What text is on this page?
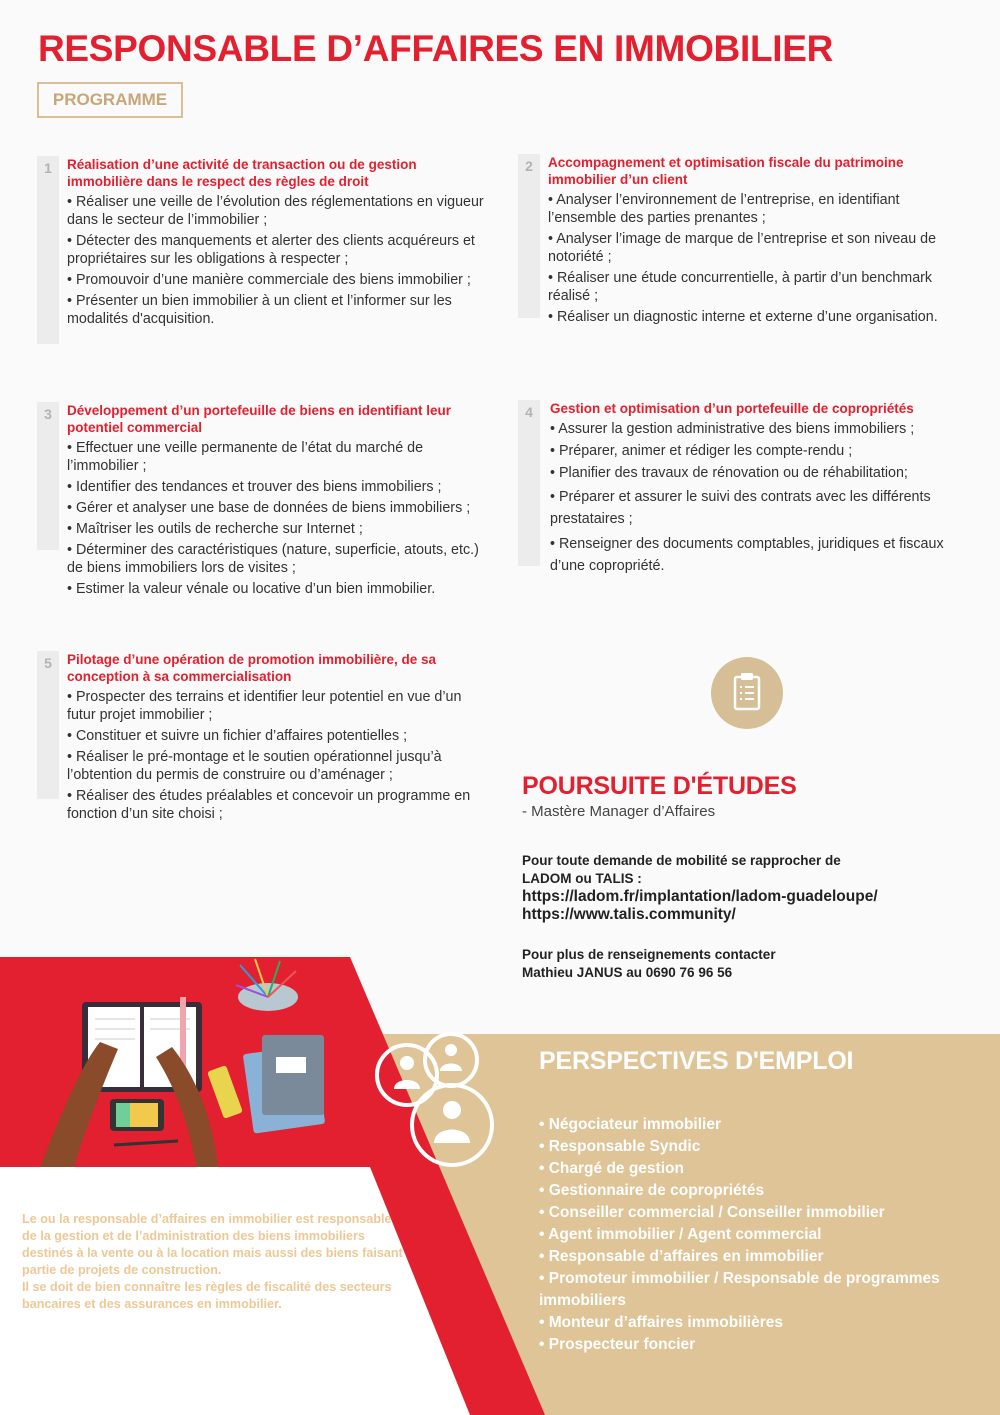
RESPONSABLE D’AFFAIRES EN IMMOBILIER
PROGRAMME
1	Réalisation d’une activité de transaction ou de gestion immobilière dans le respect des règles de droit
• Réaliser une veille de l’évolution des réglementations en vigueur dans le secteur de l’immobilier ;
• Détecter des manquements et alerter des clients acquéreurs et propriétaires sur les obligations à respecter ;
• Promouvoir d’une manière commerciale des biens immobilier ;
• Présenter un bien immobilier à un client et l’informer sur les modalités d'acquisition.
2	Accompagnement et optimisation fiscale du patrimoine immobilier d’un client
• Analyser l’environnement de l’entreprise, en identifiant l’ensemble des parties prenantes ;
• Analyser l’image de marque de l’entreprise et son niveau de notoriété ;
• Réaliser une étude concurrentielle, à partir d’un benchmark réalisé ;
• Réaliser un diagnostic interne et externe d’une organisation.
3	Développement d’un portefeuille de biens en identifiant leur potentiel commercial
• Effectuer une veille permanente de l’état du marché de l’immobilier ;
• Identifier des tendances et trouver des biens immobiliers ;
• Gérer et analyser une base de données de biens immobiliers ;
• Maîtriser les outils de recherche sur Internet ;
• Déterminer des caractéristiques (nature, superficie, atouts, etc.) de biens immobiliers lors de visites ;
• Estimer la valeur vénale ou locative d’un bien immobilier.
4	Gestion et optimisation d’un portefeuille de copropriétés
• Assurer la gestion administrative des biens immobiliers ;
• Préparer, animer et rédiger les compte-rendu ;
• Planifier des travaux de rénovation ou de réhabilitation;
• Préparer et assurer le suivi des contrats avec les différents prestataires ;
• Renseigner des documents comptables, juridiques et fiscaux d’une copropriété.
5	Pilotage d’une opération de promotion immobilière, de sa conception à sa commercialisation
• Prospecter des terrains et identifier leur potentiel en vue d’un futur projet immobilier ;
• Constituer et suivre un fichier d’affaires potentielles ;
• Réaliser le pré-montage et le soutien opérationnel jusqu’à l’obtention du permis de construire ou d’aménager ;
• Réaliser des études préalables et concevoir un programme en fonction d’un site choisi ;
POURSUITE D'ÉTUDES

- Mastère Manager d’Affaires

Pour toute demande de mobilité se rapprocher de

LADOM ou TALIS :

https://ladom.fr/implantation/ladom-guadeloupe/

https://www.talis.community/

Pour plus de renseignements contacter

Mathieu JANUS au 0690 76 96 56

Le ou la responsable d’affaires en immobilier est responsable de la gestion et de l’administration des biens immobiliers destinés à la vente ou à la location mais aussi des biens faisant partie de projets de construction.

Il se doit de bien connaître les règles de fiscalité des secteurs bancaires et des assurances en immobilier.

PERSPECTIVES D'EMPLOI
• Négociateur immobilier
• Responsable Syndic
• Chargé de gestion
• Gestionnaire de copropriétés
• Conseiller commercial / Conseiller immobilier
• Agent immobilier / Agent commercial
• Responsable d’affaires en immobilier
• Promoteur immobilier / Responsable de programmes immobiliers
• Monteur d’affaires immobilières
• Prospecteur foncier
